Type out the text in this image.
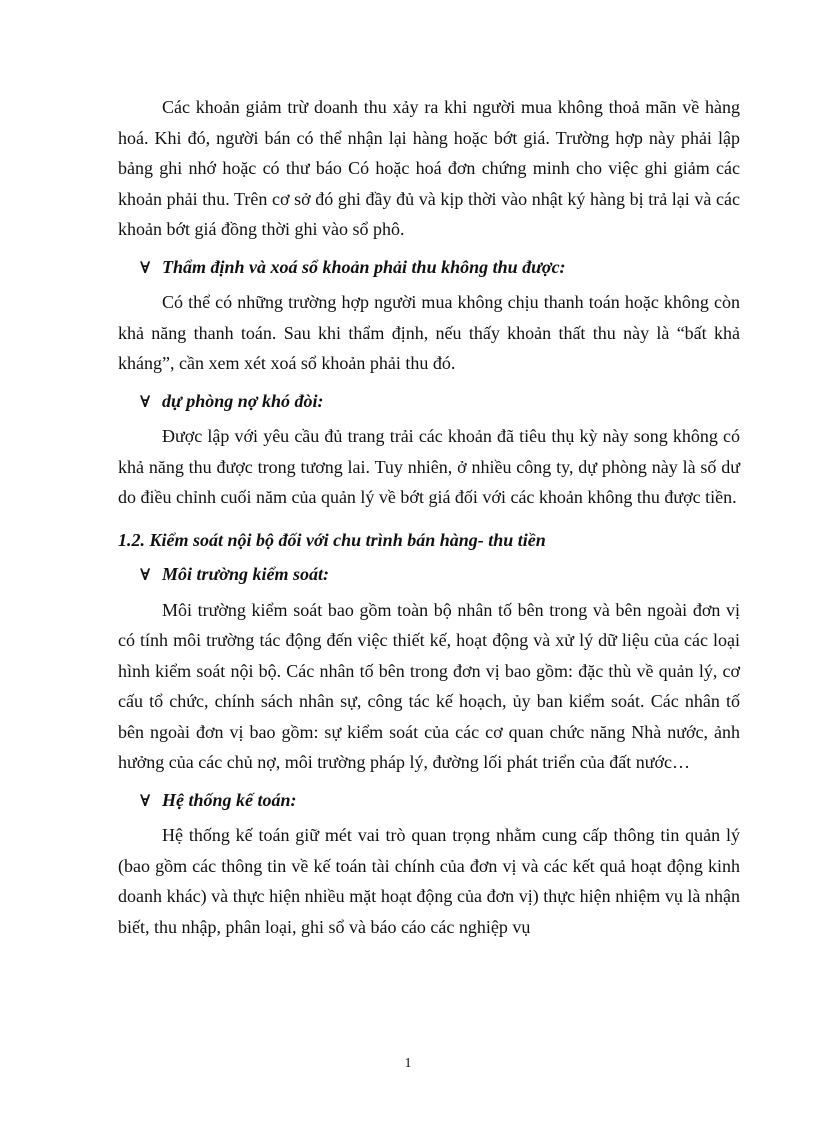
Các khoản giảm trừ doanh thu xảy ra khi người mua không thoả mãn về hàng hoá. Khi đó, người bán có thể nhận lại hàng hoặc bớt giá. Trường hợp này phải lập bảng ghi nhớ hoặc có thư báo Có hoặc hoá đơn chứng minh cho việc ghi giảm các khoản phải thu. Trên cơ sở đó ghi đầy đủ và kịp thời vào nhật ký hàng bị trả lại và các khoản bớt giá đồng thời ghi vào sổ phô.

∀ Thẩm định và xoá sổ khoản phải thu không thu được:

Có thể có những trường hợp người mua không chịu thanh toán hoặc không còn khả năng thanh toán. Sau khi thẩm định, nếu thấy khoản thất thu này là “bất khả kháng”, cần xem xét xoá sổ khoản phải thu đó.

∀ dự phòng nợ khó đòi:

Được lập với yêu cầu đủ trang trải các khoản đã tiêu thụ kỳ này song không có khả năng thu được trong tương lai. Tuy nhiên, ở nhiều công ty, dự phòng này là số dư do điều chỉnh cuối năm của quản lý về bớt giá đối với các khoản không thu được tiền.

1.2. Kiểm soát nội bộ đối với chu trình bán hàng- thu tiền
∀ Môi trường kiểm soát:

Môi trường kiểm soát bao gồm toàn bộ nhân tố bên trong và bên ngoài đơn vị có tính môi trường tác động đến việc thiết kế, hoạt động và xử lý dữ liệu của các loại hình kiểm soát nội bộ. Các nhân tố bên trong đơn vị bao gồm: đặc thù về quản lý, cơ cấu tổ chức, chính sách nhân sự, công tác kế hoạch, ủy ban kiểm soát. Các nhân tố bên ngoài đơn vị bao gồm: sự kiểm soát của các cơ quan chức năng Nhà nước, ảnh hưởng của các chủ nợ, môi trường pháp lý, đường lối phát triển của đất nước…

∀ Hệ thống kế toán:

Hệ thống kế toán giữ mét vai trò quan trọng nhằm cung cấp thông tin quản lý (bao gồm các thông tin về kế toán tài chính của đơn vị và các kết quả hoạt động kinh doanh khác) và thực hiện nhiều mặt hoạt động của đơn vị) thực hiện nhiệm vụ là nhận biết, thu nhập, phân loại, ghi sổ và báo cáo các nghiệp vụ

1
